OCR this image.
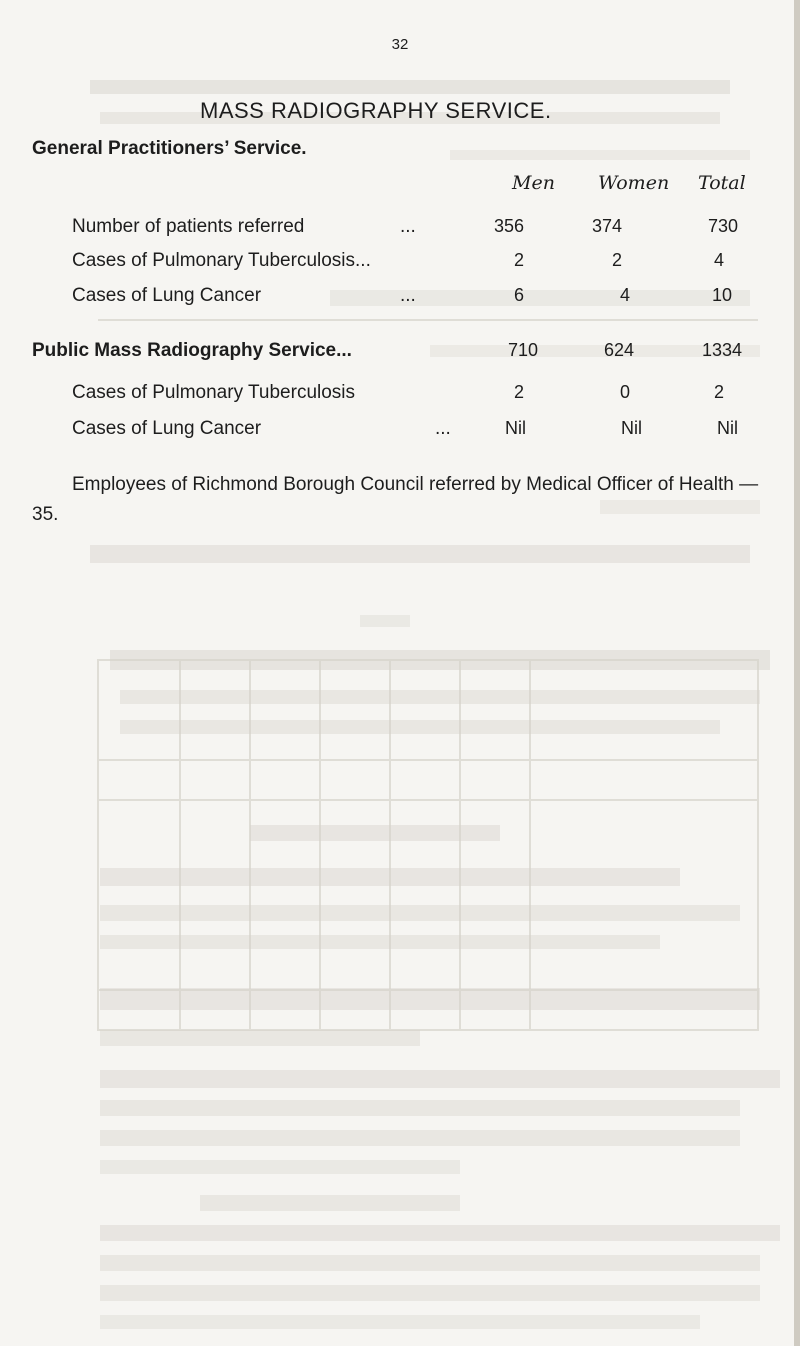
32
MASS RADIOGRAPHY SERVICE.
General Practitioners’ Service.
Men Women Total
Number of patients referred	...	356	374	730
Cases of Pulmonary Tuberculosis...	2	2	4
Cases of Lung Cancer	...	6	4	10
Public Mass Radiography Service...	710	624	1334
Cases of Pulmonary Tuberculosis	2	0	2
Cases of Lung Cancer	...	Nil	Nil	Nil
Employees of Richmond Borough Council referred by Medical Officer of Health — 35.
